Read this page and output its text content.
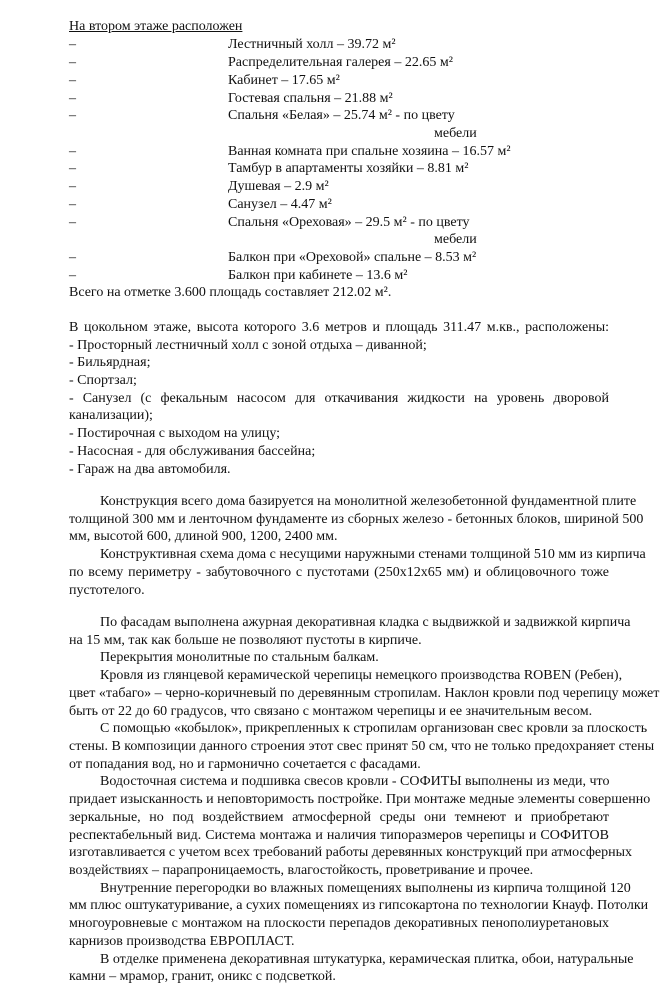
На втором этаже расположен
–	Лестничный холл – 39.72 м²
–	Распределительная галерея – 22.65 м²
–	Кабинет – 17.65 м²
–	Гостевая спальня – 21.88 м²
–	Спальня «Белая» – 25.74 м² - по цвету
мебели
–	Ванная комната при спальне хозяина – 16.57 м²
–	Тамбур в апартаменты хозяйки – 8.81 м²
–	Душевая – 2.9 м²
–	Санузел – 4.47 м²
–	Спальня «Ореховая» – 29.5 м² - по цвету
мебели
–	Балкон при «Ореховой» спальне – 8.53 м²
–	Балкон при кабинете – 13.6 м²
Всего на отметке 3.600 площадь составляет 212.02 м².
В цокольном этаже, высота которого 3.6 метров и площадь 311.47 м.кв., расположены:
- Просторный лестничный холл с зоной отдыха – диванной;
- Бильярдная;
- Спортзал;
- Санузел (с фекальным насосом для откачивания жидкости на уровень дворовой
канализации);
- Постирочная с выходом на улицу;
- Насосная - для обслуживания бассейна;
- Гараж на два автомобиля.
Конструкция всего дома базируется на монолитной железобетонной фундаментной плите
толщиной 300 мм и ленточном фундаменте из сборных железо - бетонных блоков, шириной 500
мм, высотой 600, длиной 900, 1200, 2400 мм.
Конструктивная схема дома с несущими наружными стенами толщиной 510 мм из кирпича
по всему периметру - забутовочного с пустотами (250х12х65 мм) и облицовочного тоже
пустотелого.
По фасадам выполнена ажурная декоративная кладка с выдвижкой и задвижкой кирпича
на 15 мм, так как больше не позволяют пустоты в кирпиче.
Перекрытия монолитные по стальным балкам.
Кровля из глянцевой керамической черепицы немецкого производства ROBEN (Ребен),
цвет «табаго» – черно-коричневый по деревянным стропилам. Наклон кровли под черепицу может
быть от 22 до 60 градусов, что связано с монтажом черепицы и ее значительным весом.
С помощью «кобылок», прикрепленных к стропилам организован свес кровли за плоскость
стены. В композиции данного строения этот свес принят 50 см, что не только предохраняет стены
от попадания вод, но и гармонично сочетается с фасадами.
Водосточная система и подшивка свесов кровли - СОФИТЫ выполнены из меди, что
придает изысканность и неповторимость постройке. При монтаже медные элементы совершенно
зеркальные, но под воздействием атмосферной среды они темнеют и приобретают
респектабельный вид. Система монтажа и наличия типоразмеров черепицы и СОФИТОВ
изготавливается с учетом всех требований работы деревянных конструкций при атмосферных
воздействиях – парапроницаемость, влагостойкость, проветривание и прочее.
Внутренние перегородки во влажных помещениях выполнены из кирпича толщиной 120
мм плюс оштукатуривание, а сухих помещениях из гипсокартона по технологии Кнауф. Потолки
многоуровневые с монтажом на плоскости перепадов декоративных пенополиуретановых
карнизов производства ЕВРОПЛАСТ.
В отделке применена декоративная штукатурка, керамическая плитка, обои, натуральные
камни – мрамор, гранит, оникс с подсветкой.
